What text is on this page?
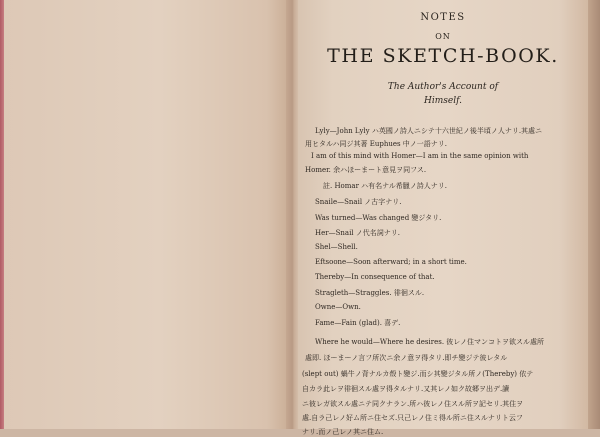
NOTES
ON
THE SKETCH-BOOK.
The Author's Account of
Himself.
Lyly—John Lyly ハ英國ノ詩人ニシテ十六世紀ノ後半頃ノ人ナリ.其處ニ
用ヒタルハ同ジ其著 Euphues 中ノ一語ナリ.
I am of this mind with Homer—I am in the same opinion with
Homer. 余ハほーまート意見ヲ同フス.
註. Homar ハ有名ナル希臘ノ詩人ナリ.
Snaile—Snail ノ古字ナリ.
Was turned—Was changed 變ジタリ.
Her—Snail ノ代名詞ナリ.
Shel—Shell.
Eftsoone—Soon afterward; in a short time.
Thereby—In consequence of that.
Stragleth—Straggles. 徘徊スル.
Owne—Own.
Fame—Fain (glad). 喜デ.
Where he would—Where he desires. 彼レノ住マンコトヲ欲スル處所
處即. ほーまーノ言フ所次ニ余ノ意ヲ得タリ.即チ變ジテ彼レタル
(slept out) 蝸牛ノ背ナルカ殻ト變ジ.而シ其變ジタル所ノ(Thereby) 依テ
自カラ此レヲ徘徊スル處ヲ得タルナリ.又其レノ如ク故郷ヲ出デ.讀
ニ彼レガ欲スル處ニテ同クナラン.所ハ彼レノ住スル所ヲ記セリ.其住ヲ
處.自ラ己レノ好ム所ニ住セズ.只己レノ住ミ得ル所ニ住スルナリト云フ
ナリ.而ノ己レノ其ニ住ム.
